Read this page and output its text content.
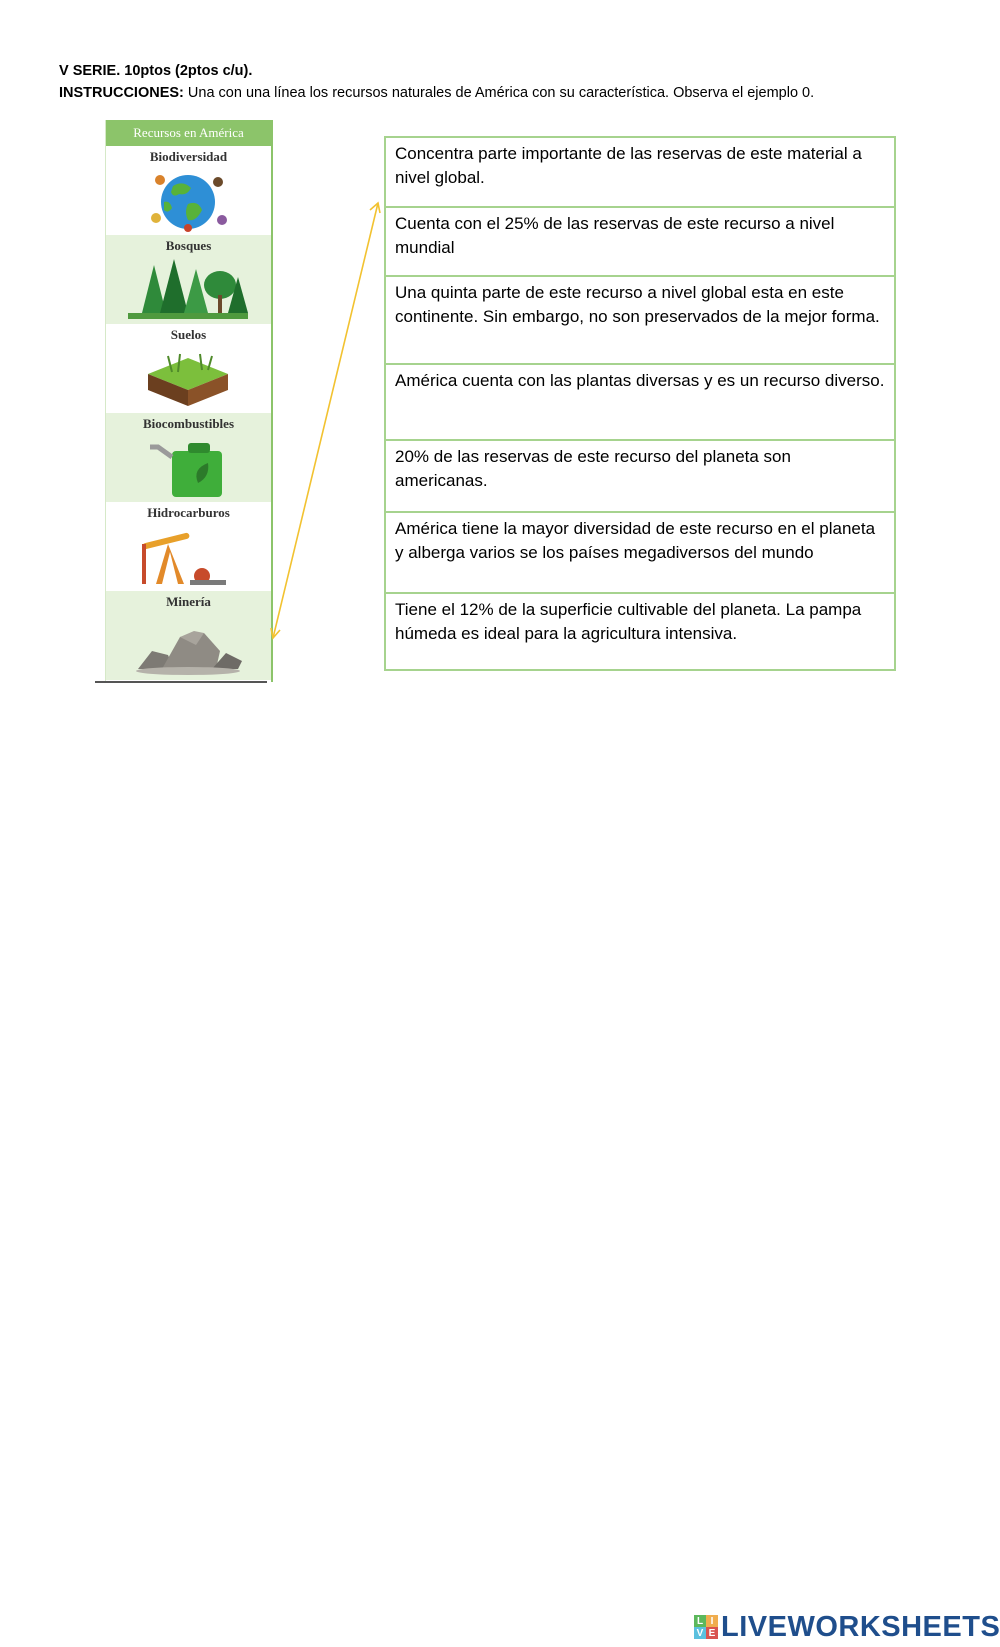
V SERIE. 10ptos (2ptos c/u).
INSTRUCCIONES: Una con una línea los recursos naturales de América con su característica. Observa el ejemplo 0.
Recursos en América
Biodiversidad
Bosques
Suelos
Biocombustibles
Hidrocarburos
Minería
Concentra parte importante de las reservas de este material a nivel global.
Cuenta con el 25% de las reservas de este recurso a nivel mundial
Una quinta parte de este recurso a nivel global esta en este continente. Sin embargo, no son preservados de la mejor forma.
América cuenta con las plantas diversas y es un recurso diverso.
20% de las reservas de este recurso del planeta son americanas.
América tiene la mayor diversidad de este recurso en el planeta y alberga varios se los países megadiversos del mundo
Tiene el 12% de la superficie cultivable del planeta. La pampa húmeda es ideal para la agricultura intensiva.
L I
V E LIVEWORKSHEETS
